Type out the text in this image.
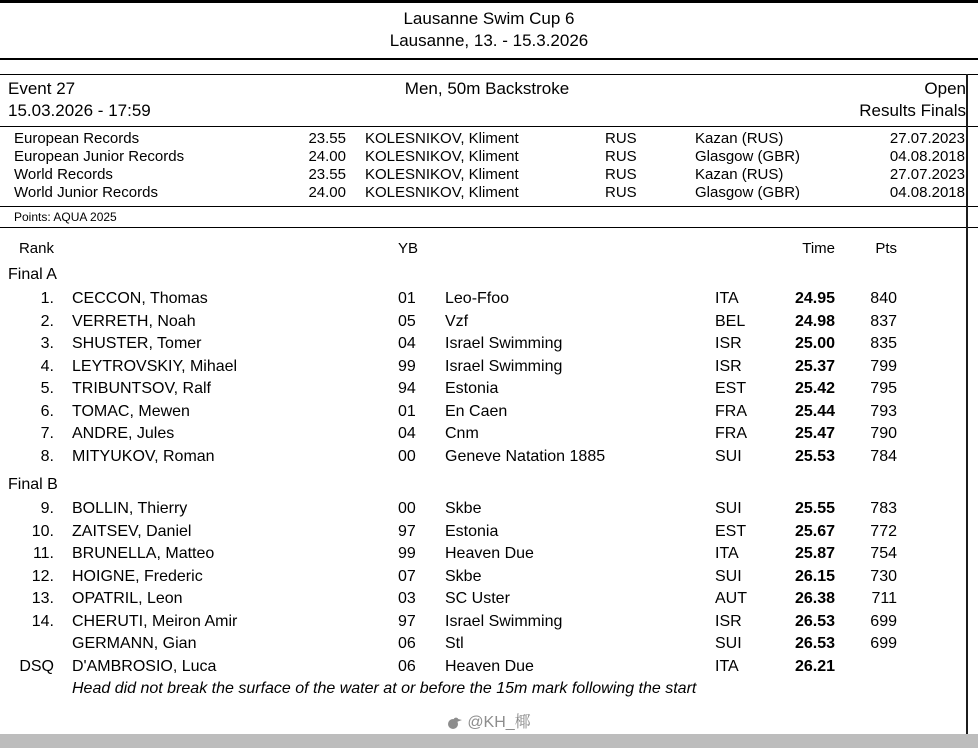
Lausanne Swim Cup 6
Lausanne, 13. - 15.3.2026
Event 27	Men, 50m Backstroke	Open
15.03.2026 - 17:59	Results Finals
European Records	23.55	KOLESNIKOV, Kliment	RUS	Kazan (RUS)	27.07.2023
European Junior Records	24.00	KOLESNIKOV, Kliment	RUS	Glasgow (GBR)	04.08.2018
World Records	23.55	KOLESNIKOV, Kliment	RUS	Kazan (RUS)	27.07.2023
World Junior Records	24.00	KOLESNIKOV, Kliment	RUS	Glasgow (GBR)	04.08.2018
Points: AQUA 2025
Rank	YB	Time	Pts
Final A
1.	CECCON, Thomas	01	Leo-Ffoo	ITA	24.95	840
2.	VERRETH, Noah	05	Vzf	BEL	24.98	837
3.	SHUSTER, Tomer	04	Israel Swimming	ISR	25.00	835
4.	LEYTROVSKIY, Mihael	99	Israel Swimming	ISR	25.37	799
5.	TRIBUNTSOV, Ralf	94	Estonia	EST	25.42	795
6.	TOMAC, Mewen	01	En Caen	FRA	25.44	793
7.	ANDRE, Jules	04	Cnm	FRA	25.47	790
8.	MITYUKOV, Roman	00	Geneve Natation 1885	SUI	25.53	784
Final B
9.	BOLLIN, Thierry	00	Skbe	SUI	25.55	783
10.	ZAITSEV, Daniel	97	Estonia	EST	25.67	772
11.	BRUNELLA, Matteo	99	Heaven Due	ITA	25.87	754
12.	HOIGNE, Frederic	07	Skbe	SUI	26.15	730
13.	OPATRIL, Leon	03	SC Uster	AUT	26.38	711
14.	CHERUTI, Meiron Amir	97	Israel Swimming	ISR	26.53	699
GERMANN, Gian	06	Stl	SUI	26.53	699
DSQ	D'AMBROSIO, Luca	06	Heaven Due	ITA	26.21
Head did not break the surface of the water at or before the 15m mark following the start
@KH_椰
